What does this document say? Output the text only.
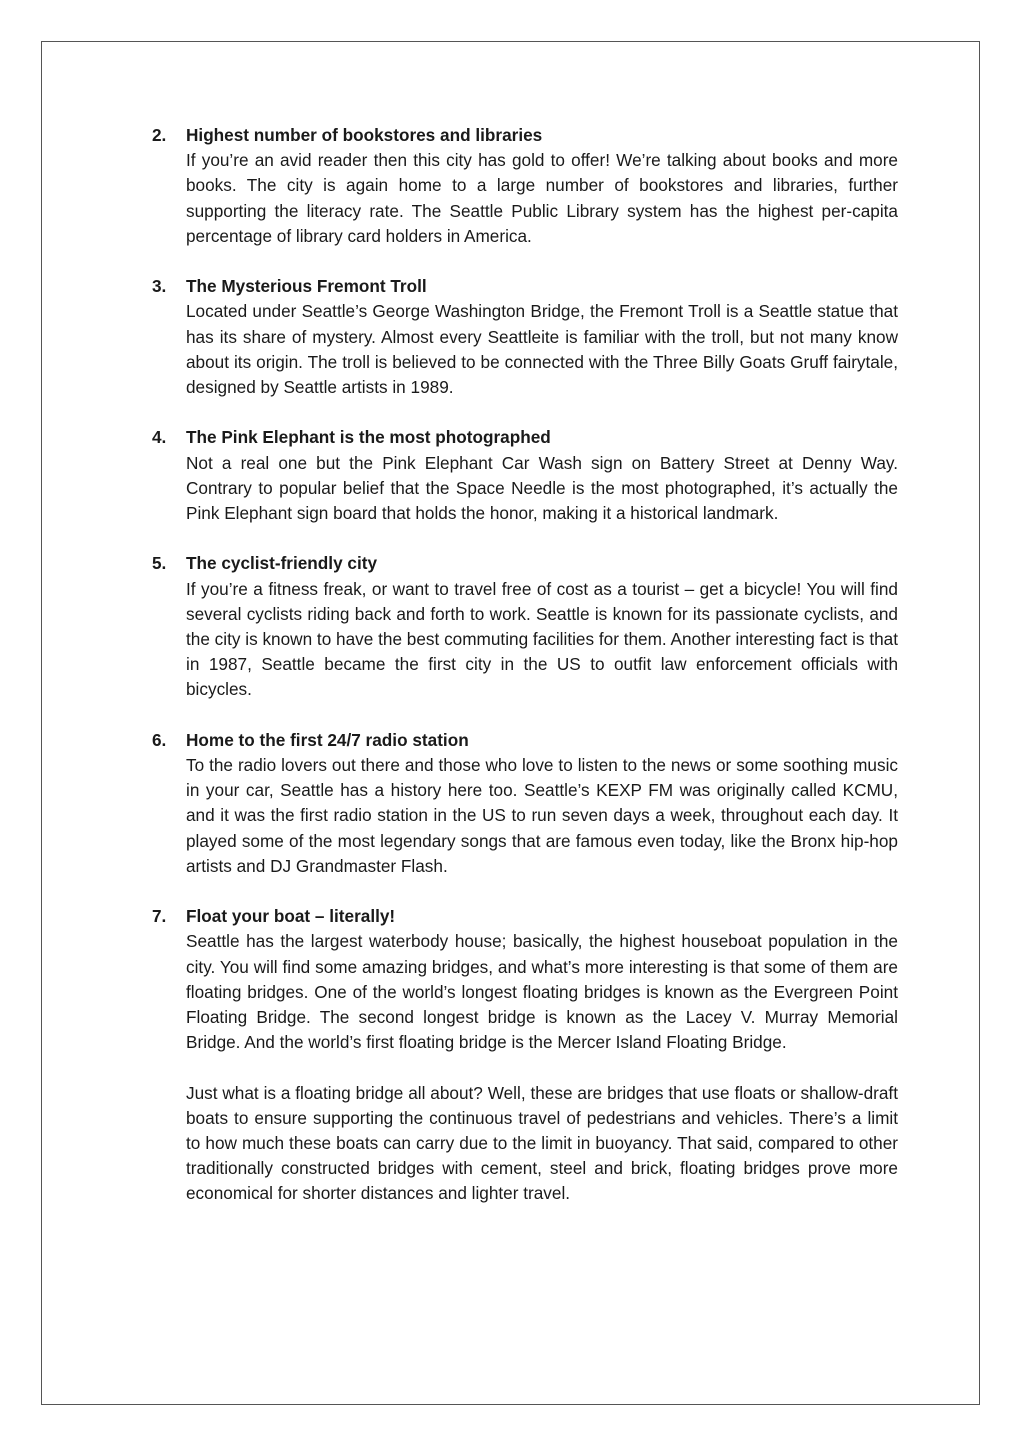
2. Highest number of bookstores and libraries

If you’re an avid reader then this city has gold to offer! We’re talking about books and more books. The city is again home to a large number of bookstores and libraries, further supporting the literacy rate. The Seattle Public Library system has the highest per-capita percentage of library card holders in America.

3. The Mysterious Fremont Troll

Located under Seattle’s George Washington Bridge, the Fremont Troll is a Seattle statue that has its share of mystery. Almost every Seattleite is familiar with the troll, but not many know about its origin. The troll is believed to be connected with the Three Billy Goats Gruff fairytale, designed by Seattle artists in 1989.

4. The Pink Elephant is the most photographed

Not a real one but the Pink Elephant Car Wash sign on Battery Street at Denny Way. Contrary to popular belief that the Space Needle is the most photographed, it’s actually the Pink Elephant sign board that holds the honor, making it a historical landmark.

5. The cyclist-friendly city

If you’re a fitness freak, or want to travel free of cost as a tourist – get a bicycle! You will find several cyclists riding back and forth to work. Seattle is known for its passionate cyclists, and the city is known to have the best commuting facilities for them. Another interesting fact is that in 1987, Seattle became the first city in the US to outfit law enforcement officials with bicycles.

6. Home to the first 24/7 radio station

To the radio lovers out there and those who love to listen to the news or some soothing music in your car, Seattle has a history here too. Seattle’s KEXP FM was originally called KCMU, and it was the first radio station in the US to run seven days a week, throughout each day. It played some of the most legendary songs that are famous even today, like the Bronx hip-hop artists and DJ Grandmaster Flash.

7. Float your boat – literally!

Seattle has the largest waterbody house; basically, the highest houseboat population in the city. You will find some amazing bridges, and what’s more interesting is that some of them are floating bridges. One of the world’s longest floating bridges is known as the Evergreen Point Floating Bridge. The second longest bridge is known as the Lacey V. Murray Memorial Bridge. And the world’s first floating bridge is the Mercer Island Floating Bridge.

Just what is a floating bridge all about? Well, these are bridges that use floats or shallow-draft boats to ensure supporting the continuous travel of pedestrians and vehicles. There’s a limit to how much these boats can carry due to the limit in buoyancy. That said, compared to other traditionally constructed bridges with cement, steel and brick, floating bridges prove more economical for shorter distances and lighter travel.
